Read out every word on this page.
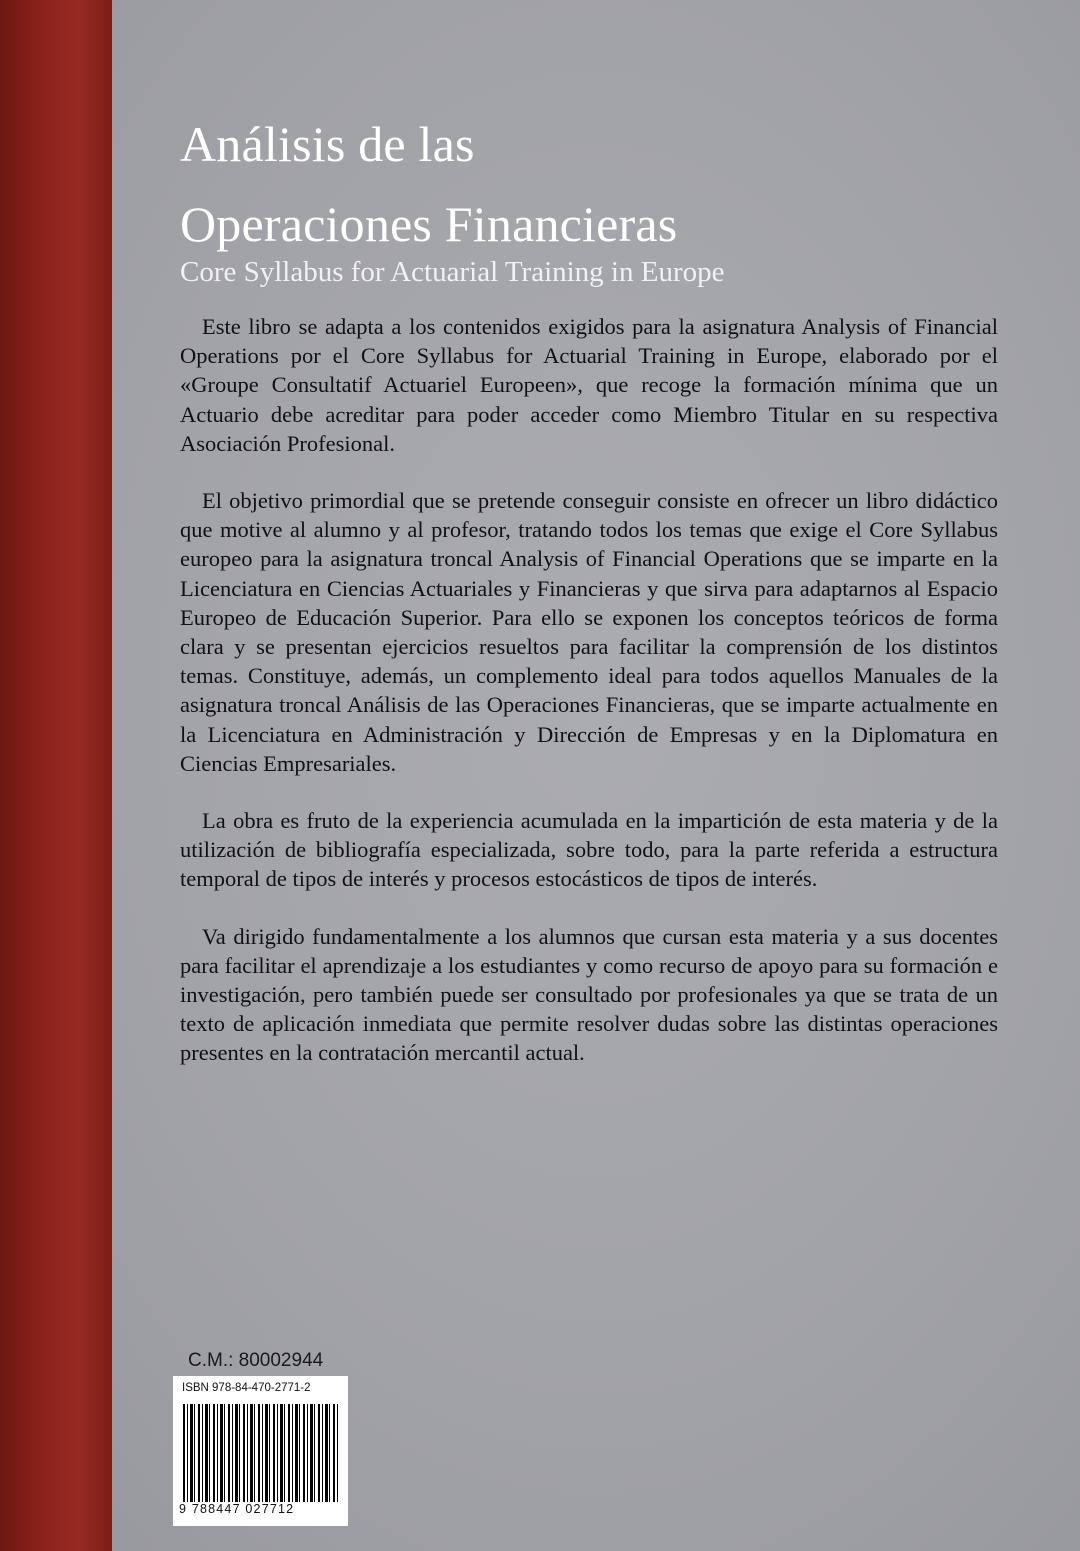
Análisis de las
Operaciones Financieras

Core Syllabus for Actuarial Training in Europe

Este libro se adapta a los contenidos exigidos para la asignatura Analysis of Financial Operations por el Core Syllabus for Actuarial Training in Europe, elaborado por el «Groupe Consultatif Actuariel Europeen», que recoge la formación mínima que un Actuario debe acreditar para poder acceder como Miembro Titular en su respectiva Asociación Profesional.

El objetivo primordial que se pretende conseguir consiste en ofrecer un libro didáctico que motive al alumno y al profesor, tratando todos los temas que exige el Core Syllabus europeo para la asignatura troncal Analysis of Financial Operations que se imparte en la Licenciatura en Ciencias Actuariales y Financieras y que sirva para adaptarnos al Espacio Europeo de Educación Superior. Para ello se exponen los conceptos teóricos de forma clara y se presentan ejercicios resueltos para facilitar la comprensión de los distintos temas. Constituye, además, un complemento ideal para todos aquellos Manuales de la asignatura troncal Análisis de las Operaciones Financieras, que se imparte actualmente en la Licenciatura en Administración y Dirección de Empresas y en la Diplomatura en Ciencias Empresariales.

La obra es fruto de la experiencia acumulada en la impartición de esta materia y de la utilización de bibliografía especializada, sobre todo, para la parte referida a estructura temporal de tipos de interés y procesos estocásticos de tipos de interés.

Va dirigido fundamentalmente a los alumnos que cursan esta materia y a sus docentes para facilitar el aprendizaje a los estudiantes y como recurso de apoyo para su formación e investigación, pero también puede ser consultado por profesionales ya que se trata de un texto de aplicación inmediata que permite resolver dudas sobre las distintas operaciones presentes en la contratación mercantil actual.

C.M.: 80002944
ISBN 978-84-470-2771-2
9 788447 027712
